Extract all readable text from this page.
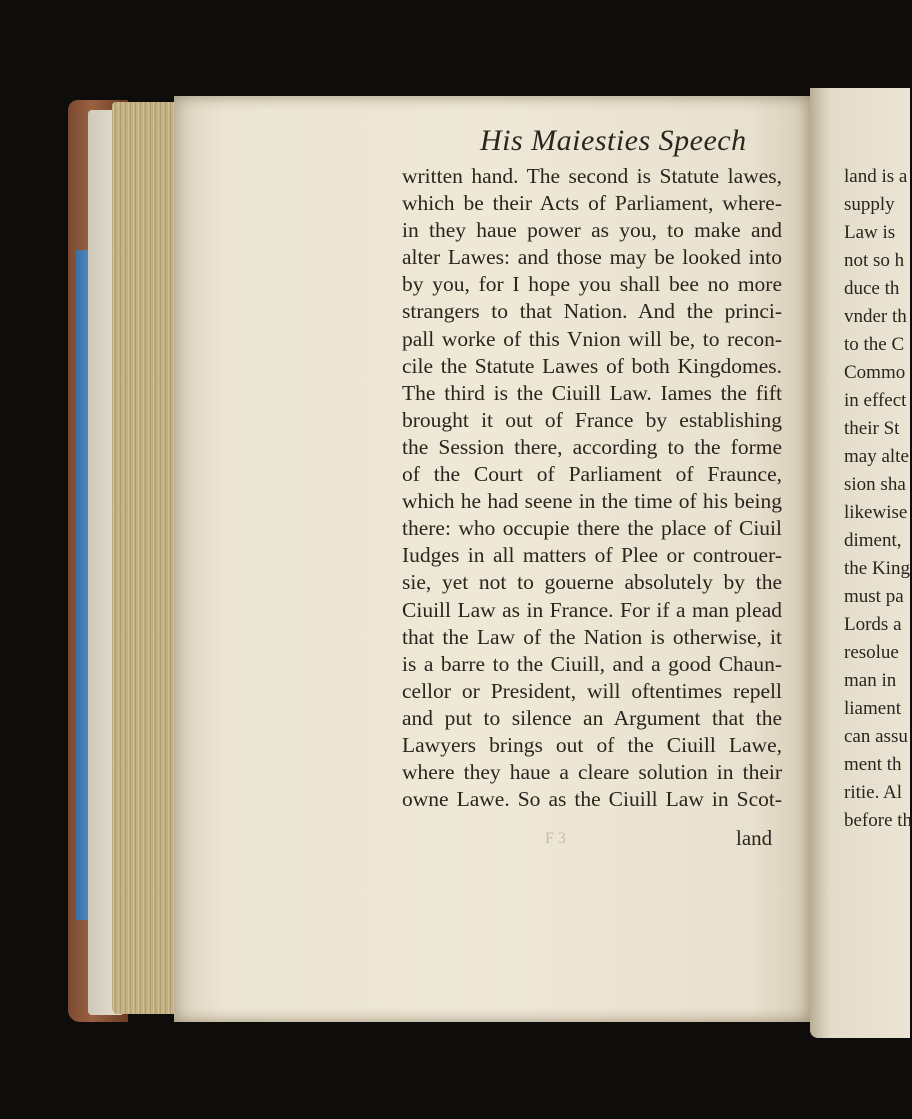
His Maiesties Speech
written hand. The second is Statute lawes,
which be their Acts of Parliament, where-
in they haue power as you, to make and
alter Lawes: and those may be looked into
by you, for I hope you shall bee no more
strangers to that Nation. And the princi-
pall worke of this Vnion will be, to recon-
cile the Statute Lawes of both Kingdomes.
The third is the Ciuill Law. Iames the fift
brought it out of France by establishing
the Session there, according to the forme
of the Court of Parliament of Fraunce,
which he had seene in the time of his being
there: who occupie there the place of Ciuil
Iudges in all matters of Plee or controuer-
sie, yet not to gouerne absolutely by the
Ciuill Law as in France. For if a man plead
that the Law of the Nation is otherwise, it
is a barre to the Ciuill, and a good Chaun-
cellor or President, will oftentimes repell
and put to silence an Argument that the
Lawyers brings out of the Ciuill Lawe,
where they haue a cleare solution in their
owne Lawe. So as the Ciuill Law in Scot-
F 3	land
land is a
supply
Law is
not so h
duce th
vnder th
to the C
Commo
in effect
their St
may alte
sion sha
likewise
diment,
the King
must pa
Lords a
resolue
man in
liament
can assu
ment th
ritie. Al
before th
